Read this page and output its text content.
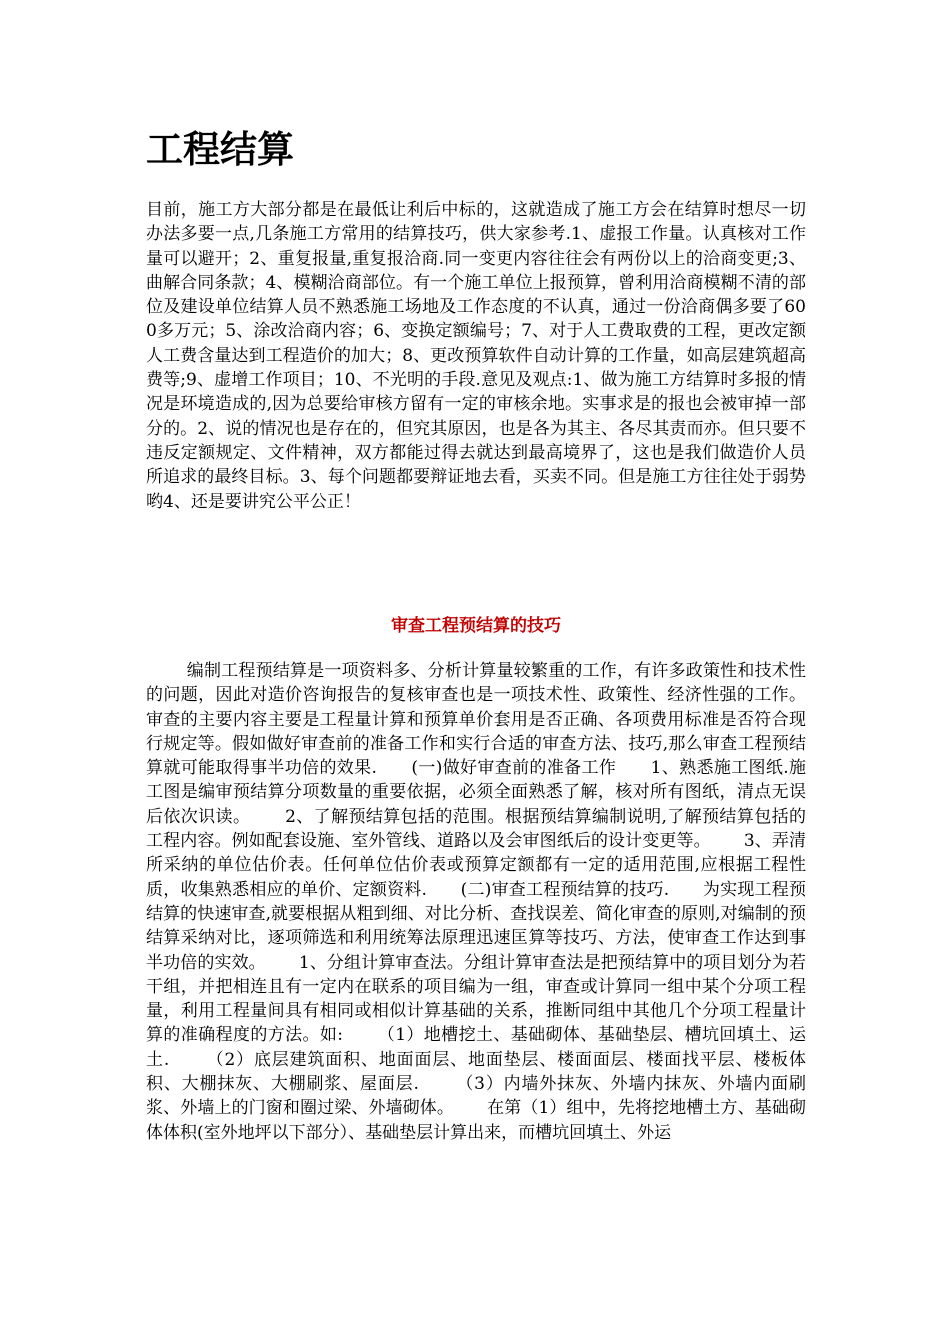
工程结算

目前，施工方大部分都是在最低让利后中标的，这就造成了施工方会在结算时想尽一切办法多要一点,几条施工方常用的结算技巧，供大家参考.1、虚报工作量。认真核对工作量可以避开；2、重复报量,重复报洽商.同一变更内容往往会有两份以上的洽商变更;3、曲解合同条款；4、模糊洽商部位。有一个施工单位上报预算，曾利用洽商模糊不清的部位及建设单位结算人员不熟悉施工场地及工作态度的不认真，通过一份洽商偶多要了600多万元；5、涂改洽商内容；6、变换定额编号；7、对于人工费取费的工程，更改定额人工费含量达到工程造价的加大；8、更改预算软件自动计算的工作量，如高层建筑超高费等;9、虚增工作项目；10、不光明的手段.意见及观点:1、做为施工方结算时多报的情况是环境造成的,因为总要给审核方留有一定的审核余地。实事求是的报也会被审掉一部分的。2、说的情况也是存在的，但究其原因，也是各为其主、各尽其责而亦。但只要不违反定额规定、文件精神，双方都能过得去就达到最高境界了，这也是我们做造价人员所追求的最终目标。3、每个问题都要辩证地去看，买卖不同。但是施工方往往处于弱势哟4、还是要讲究公平公正！

审查工程预结算的技巧

编制工程预结算是一项资料多、分析计算量较繁重的工作，有许多政策性和技术性的问题，因此对造价咨询报告的复核审查也是一项技术性、政策性、经济性强的工作。审查的主要内容主要是工程量计算和预算单价套用是否正确、各项费用标准是否符合现行规定等。假如做好审查前的准备工作和实行合适的审查方法、技巧,那么审查工程预结算就可能取得事半功倍的效果.      (一)做好审查前的准备工作      1、熟悉施工图纸.施工图是编审预结算分项数量的重要依据，必须全面熟悉了解，核对所有图纸，清点无误后依次识读。      2、了解预结算包括的范围。根据预结算编制说明,了解预结算包括的工程内容。例如配套设施、室外管线、道路以及会审图纸后的设计变更等。      3、弄清所采纳的单位估价表。任何单位估价表或预算定额都有一定的适用范围,应根据工程性质，收集熟悉相应的单价、定额资料.      (二)审查工程预结算的技巧.      为实现工程预结算的快速审查,就要根据从粗到细、对比分析、查找误差、简化审查的原则,对编制的预结算采纳对比，逐项筛选和利用统筹法原理迅速匡算等技巧、方法，使审查工作达到事半功倍的实效。      1、分组计算审查法。分组计算审查法是把预结算中的项目划分为若干组，并把相连且有一定内在联系的项目编为一组，审查或计算同一组中某个分项工程量，利用工程量间具有相同或相似计算基础的关系，推断同组中其他几个分项工程量计算的准确程度的方法。如:      （1）地槽挖土、基础砌体、基础垫层、槽坑回填土、运土.      （2）底层建筑面积、地面面层、地面垫层、楼面面层、楼面找平层、楼板体积、大棚抹灰、大棚刷浆、屋面层.      （3）内墙外抹灰、外墙内抹灰、外墙内面刷浆、外墙上的门窗和圈过梁、外墙砌体。      在第（1）组中，先将挖地槽土方、基础砌体体积(室外地坪以下部分）、基础垫层计算出来，而槽坑回填土、外运
